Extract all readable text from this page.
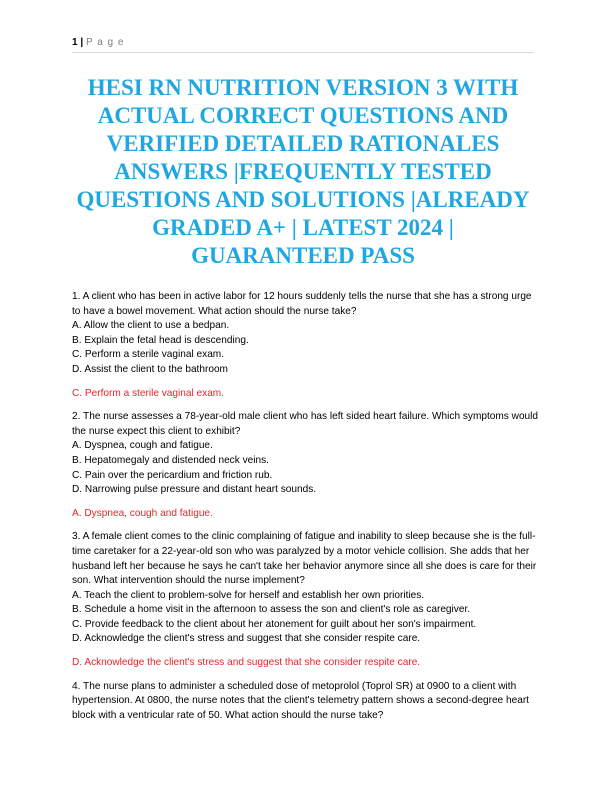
1 | P a g e
HESI RN NUTRITION VERSION 3 WITH ACTUAL CORRECT QUESTIONS AND VERIFIED DETAILED RATIONALES ANSWERS |FREQUENTLY TESTED QUESTIONS AND SOLUTIONS |ALREADY GRADED A+ | LATEST 2024 | GUARANTEED PASS

1. A client who has been in active labor for 12 hours suddenly tells the nurse that she has a strong urge to have a bowel movement. What action should the nurse take?

A. Allow the client to use a bedpan.

B. Explain the fetal head is descending.

C. Perform a sterile vaginal exam.

D. Assist the client to the bathroom

C. Perform a sterile vaginal exam.

2. The nurse assesses a 78-year-old male client who has left sided heart failure. Which symptoms would the nurse expect this client to exhibit?

A. Dyspnea, cough and fatigue.

B. Hepatomegaly and distended neck veins.

C. Pain over the pericardium and friction rub.

D. Narrowing pulse pressure and distant heart sounds.

A. Dyspnea, cough and fatigue.

3. A female client comes to the clinic complaining of fatigue and inability to sleep because she is the full-time caretaker for a 22-year-old son who was paralyzed by a motor vehicle collision. She adds that her husband left her because he says he can't take her behavior anymore since all she does is care for their son. What intervention should the nurse implement?

A. Teach the client to problem-solve for herself and establish her own priorities.

B. Schedule a home visit in the afternoon to assess the son and client's role as caregiver.

C. Provide feedback to the client about her atonement for guilt about her son's impairment.

D. Acknowledge the client's stress and suggest that she consider respite care.

D. Acknowledge the client's stress and suggest that she consider respite care.

4. The nurse plans to administer a scheduled dose of metoprolol (Toprol SR) at 0900 to a client with hypertension. At 0800, the nurse notes that the client's telemetry pattern shows a second-degree heart block with a ventricular rate of 50. What action should the nurse take?
